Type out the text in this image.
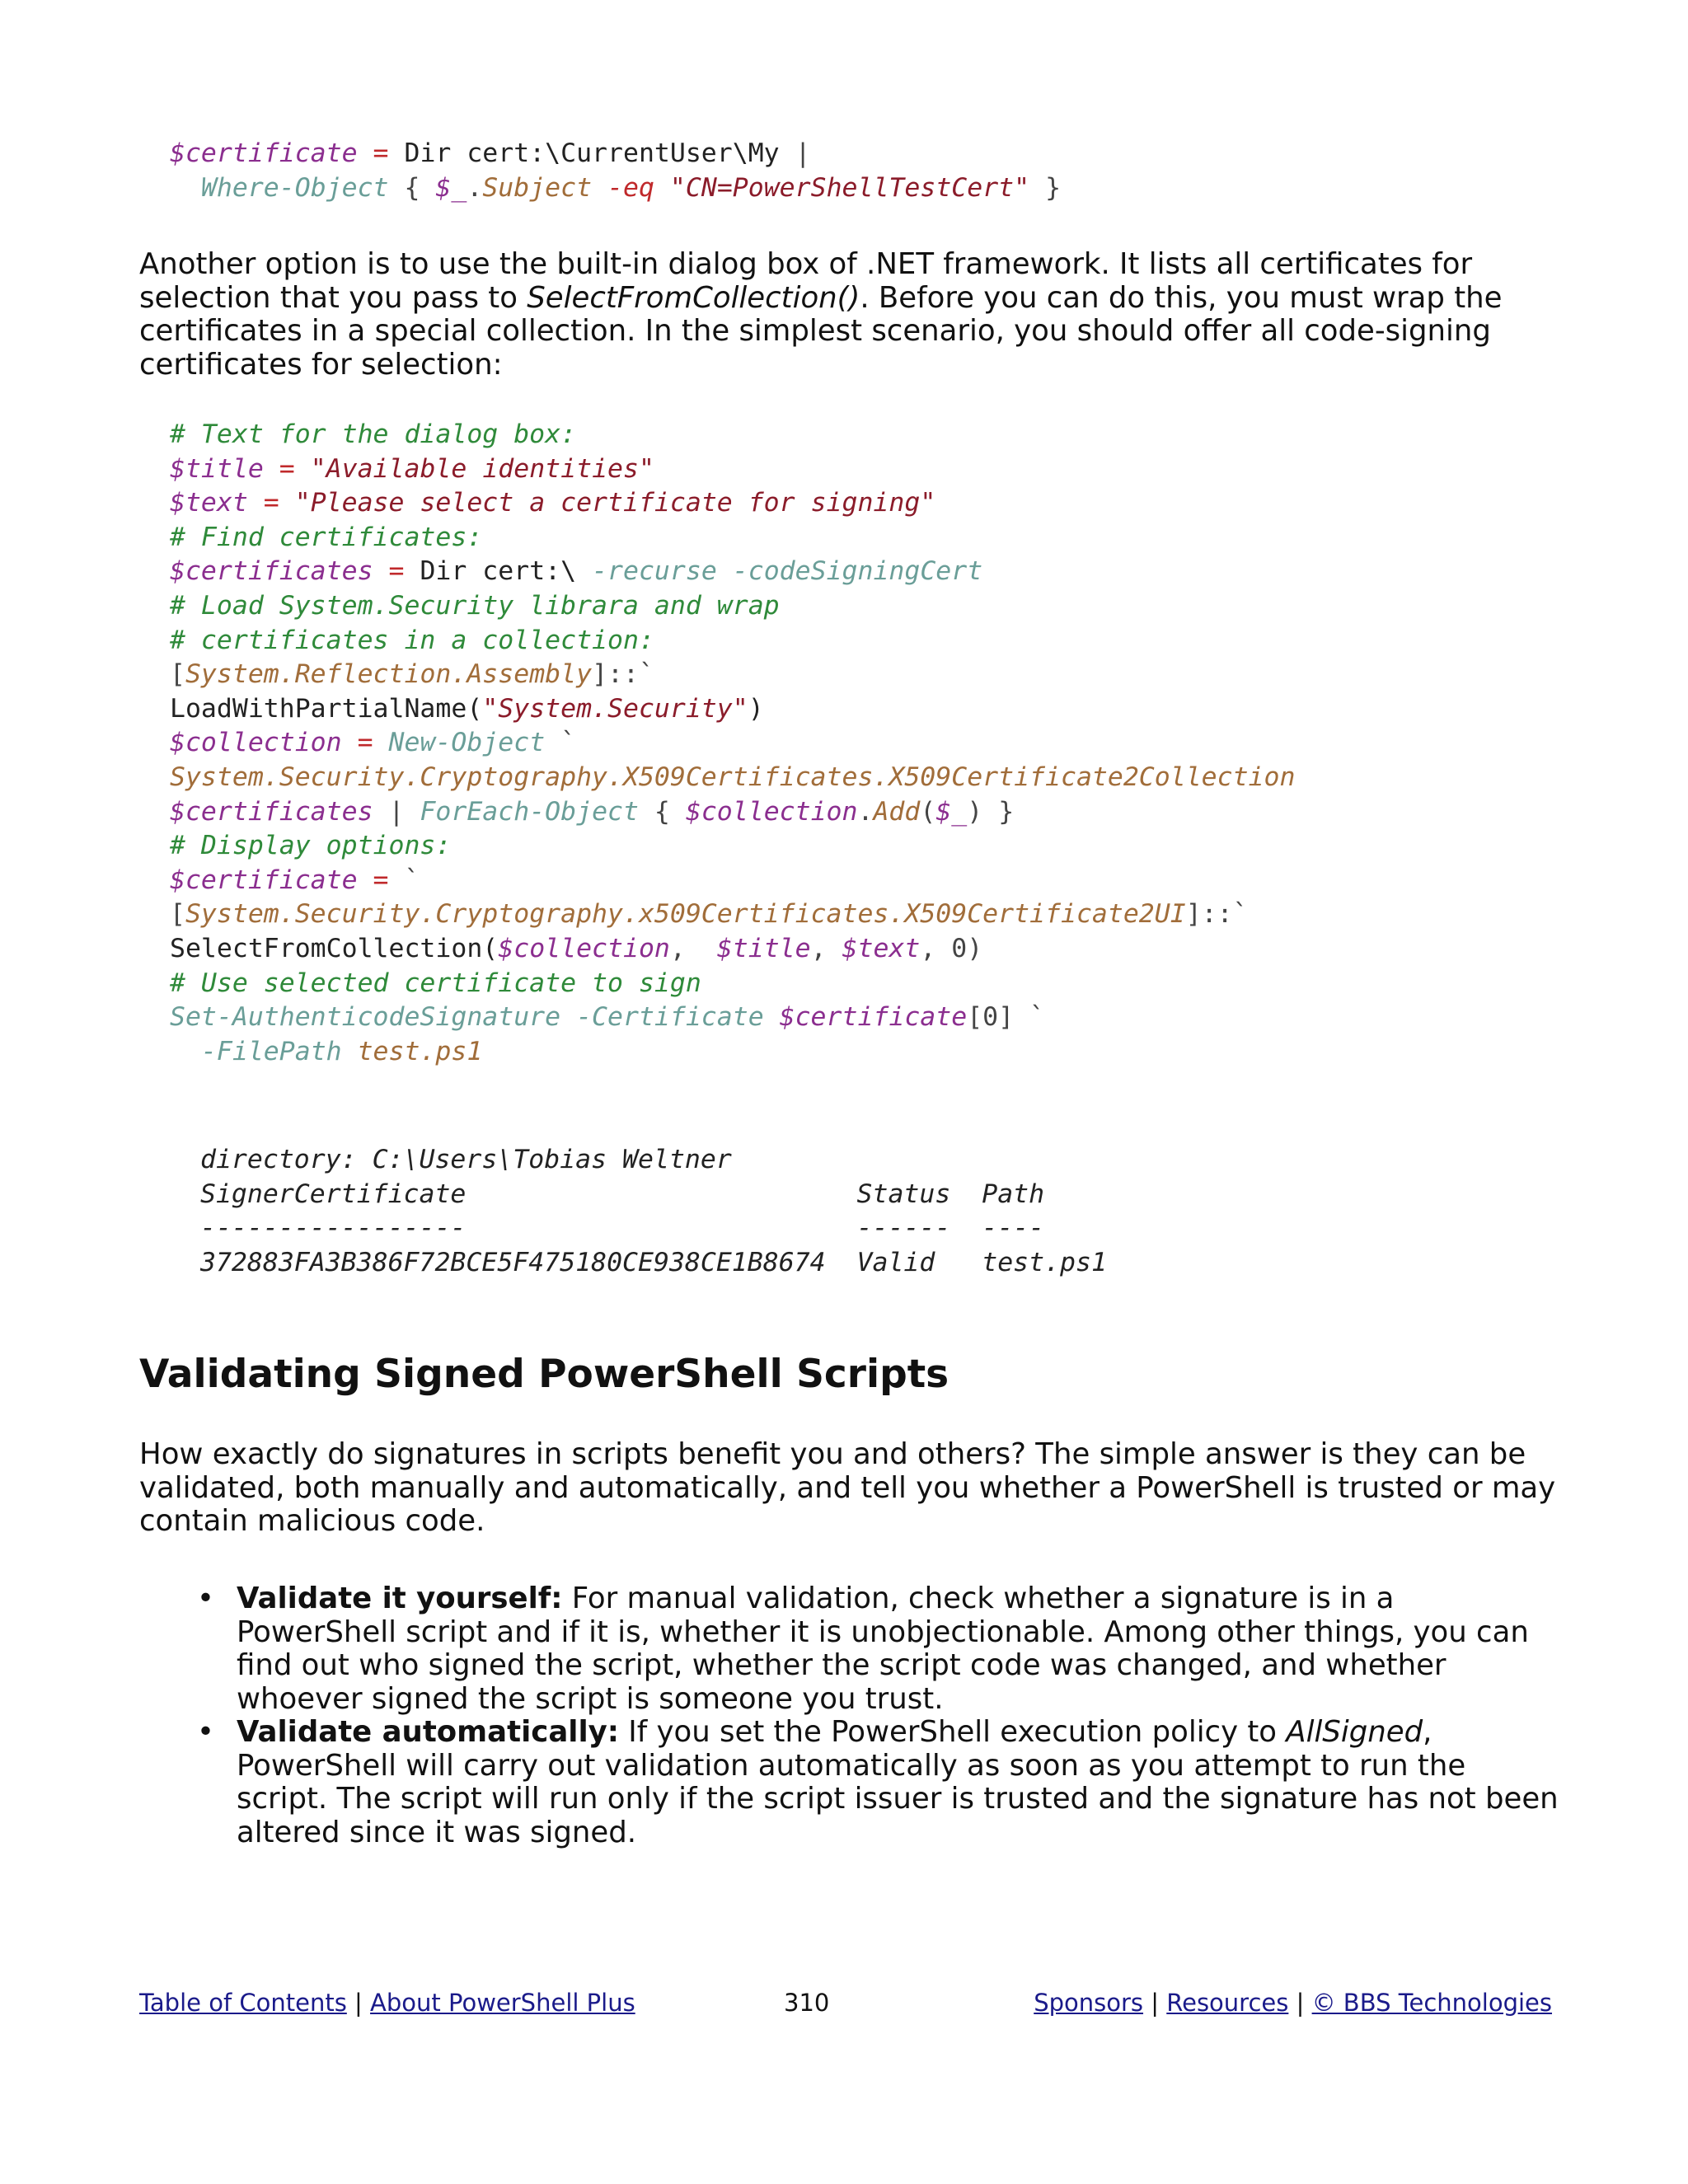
$certificate = Dir cert:\CurrentUser\My |
Where-Object { $_.Subject -eq "CN=PowerShellTestCert" }

Another option is to use the built-in dialog box of .NET framework. It lists all certificates for selection that you pass to SelectFromCollection(). Before you can do this, you must wrap the certificates in a special collection. In the simplest scenario, you should offer all code-signing certificates for selection:

# Text for the dialog box:
$title = "Available identities"
$text = "Please select a certificate for signing"
# Find certificates:
$certificates = Dir cert:\ -recurse -codeSigningCert
# Load System.Security librara and wrap
# certificates in a collection:
[System.Reflection.Assembly]::`
LoadWithPartialName("System.Security")
$collection = New-Object `
System.Security.Cryptography.X509Certificates.X509Certificate2Collection
$certificates | ForEach-Object { $collection.Add($_) }
# Display options:
$certificate = `
[System.Security.Cryptography.x509Certificates.X509Certificate2UI]::`
SelectFromCollection($collection,  $title, $text, 0)
# Use selected certificate to sign
Set-AuthenticodeSignature -Certificate $certificate[0] `
-FilePath test.ps1
directory: C:\Users\Tobias Weltner
SignerCertificate                         Status  Path
-----------------                         ------  ----
372883FA3B386F72BCE5F475180CE938CE1B8674  Valid   test.ps1
Validating Signed PowerShell Scripts

How exactly do signatures in scripts benefit you and others? The simple answer is they can be validated, both manually and automatically, and tell you whether a PowerShell is trusted or may contain malicious code.

• Validate it yourself: For manual validation, check whether a signature is in a PowerShell script and if it is, whether it is unobjectionable. Among other things, you can find out who signed the script, whether the script code was changed, and whether whoever signed the script is someone you trust.
• Validate automatically: If you set the PowerShell execution policy to AllSigned, PowerShell will carry out validation automatically as soon as you attempt to run the script. The script will run only if the script issuer is trusted and the signature has not been altered since it was signed.
Table of Contents | About PowerShell Plus	310	Sponsors | Resources | © BBS Technologies
